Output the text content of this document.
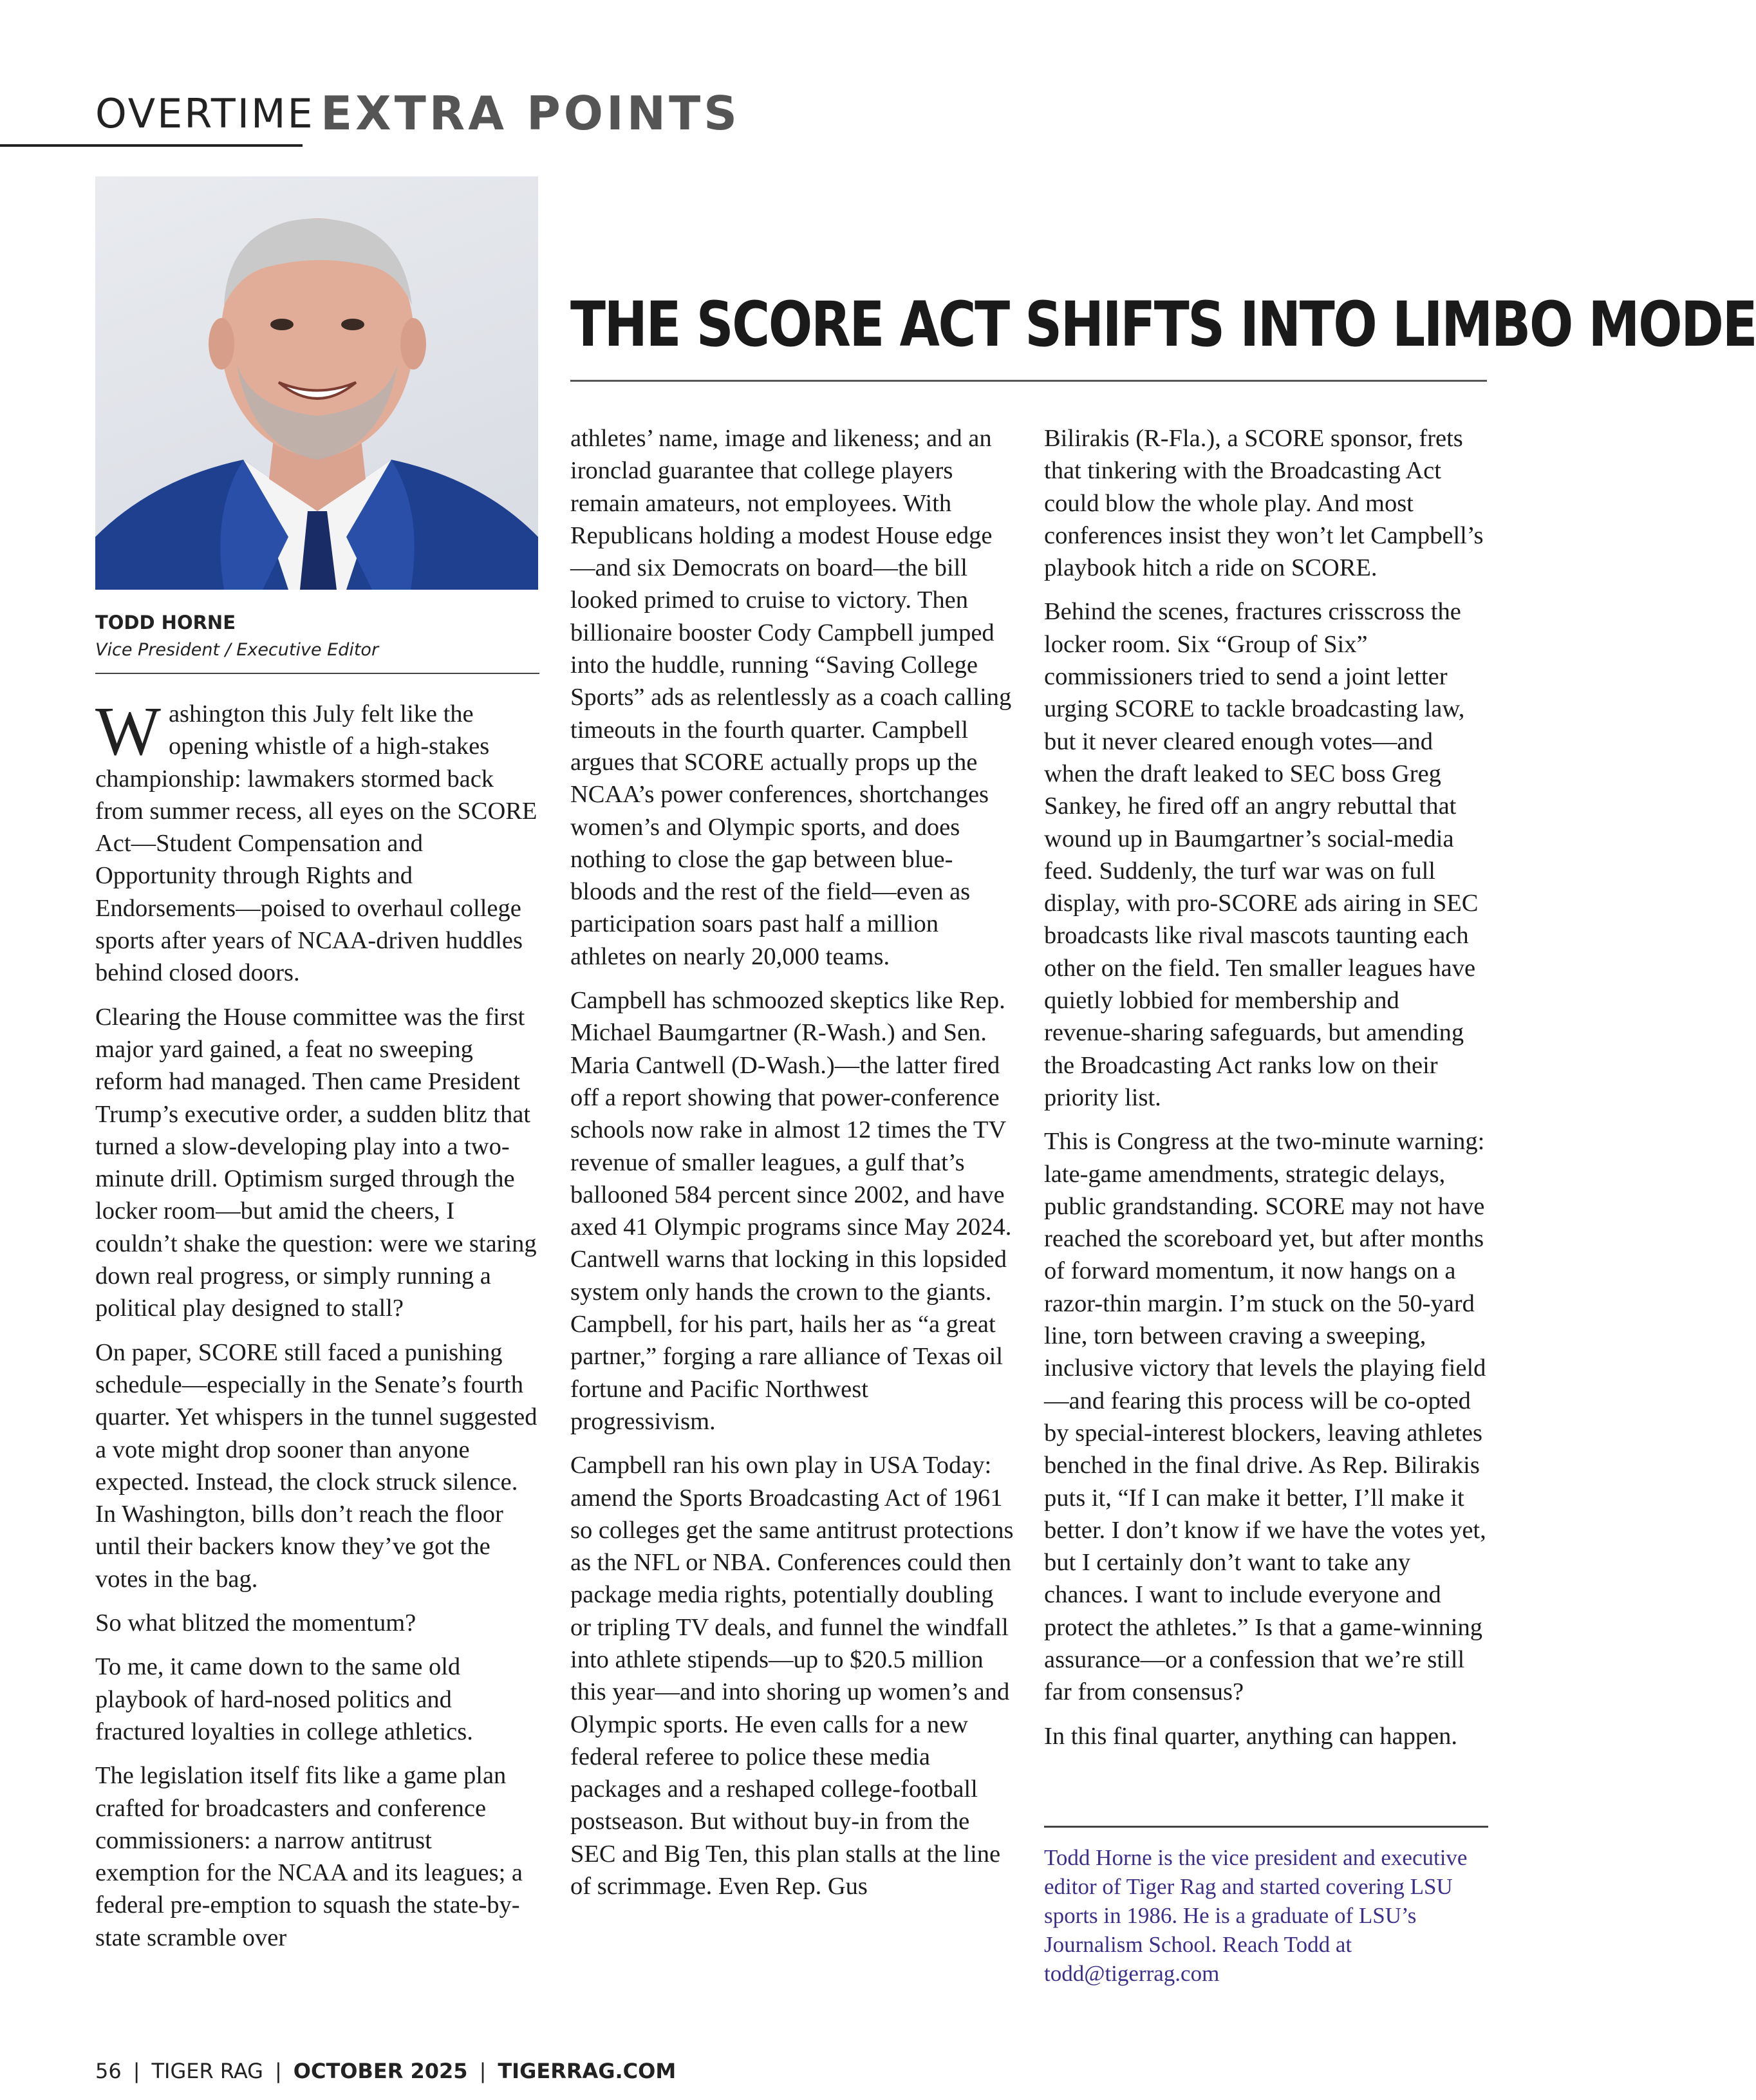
OVERTIME EXTRA POINTS
TODD HORNE
Vice President / Executive Editor
THE SCORE ACT SHIFTS INTO LIMBO MODE

Washington this July felt like the opening whistle of a high-stakes championship: lawmakers stormed back from summer recess, all eyes on the SCORE Act—Student Compensation and Opportunity through Rights and Endorsements—poised to overhaul college sports after years of NCAA-driven huddles behind closed doors.

Clearing the House committee was the first major yard gained, a feat no sweeping reform had managed. Then came President Trump’s executive order, a sudden blitz that turned a slow-developing play into a two-minute drill. Optimism surged through the locker room—but amid the cheers, I couldn’t shake the question: were we staring down real progress, or simply running a political play designed to stall?

On paper, SCORE still faced a punishing schedule—especially in the Senate’s fourth quarter. Yet whispers in the tunnel suggested a vote might drop sooner than anyone expected. Instead, the clock struck silence. In Washington, bills don’t reach the floor until their backers know they’ve got the votes in the bag.

So what blitzed the momentum?

To me, it came down to the same old playbook of hard-nosed politics and fractured loyalties in college athletics.

The legislation itself fits like a game plan crafted for broadcasters and conference commissioners: a narrow antitrust exemption for the NCAA and its leagues; a federal pre-emption to squash the state-by-state scramble over

athletes’ name, image and likeness; and an ironclad guarantee that college players remain amateurs, not employees. With Republicans holding a modest House edge—and six Democrats on board—the bill looked primed to cruise to victory. Then billionaire booster Cody Campbell jumped into the huddle, running “Saving College Sports” ads as relentlessly as a coach calling timeouts in the fourth quarter. Campbell argues that SCORE actually props up the NCAA’s power conferences, shortchanges women’s and Olympic sports, and does nothing to close the gap between blue-bloods and the rest of the field—even as participation soars past half a million athletes on nearly 20,000 teams.

Campbell has schmoozed skeptics like Rep. Michael Baumgartner (R-Wash.) and Sen. Maria Cantwell (D-Wash.)—the latter fired off a report showing that power-conference schools now rake in almost 12 times the TV revenue of smaller leagues, a gulf that’s ballooned 584 percent since 2002, and have axed 41 Olympic programs since May 2024. Cantwell warns that locking in this lopsided system only hands the crown to the giants. Campbell, for his part, hails her as “a great partner,” forging a rare alliance of Texas oil fortune and Pacific Northwest progressivism.

Campbell ran his own play in USA Today: amend the Sports Broadcasting Act of 1961 so colleges get the same antitrust protections as the NFL or NBA. Conferences could then package media rights, potentially doubling or tripling TV deals, and funnel the windfall into athlete stipends—up to $20.5 million this year—and into shoring up women’s and Olympic sports. He even calls for a new federal referee to police these media packages and a reshaped college-football postseason. But without buy-in from the SEC and Big Ten, this plan stalls at the line of scrimmage. Even Rep. Gus

Bilirakis (R-Fla.), a SCORE sponsor, frets that tinkering with the Broadcasting Act could blow the whole play. And most conferences insist they won’t let Campbell’s playbook hitch a ride on SCORE.

Behind the scenes, fractures crisscross the locker room. Six “Group of Six” commissioners tried to send a joint letter urging SCORE to tackle broadcasting law, but it never cleared enough votes—and when the draft leaked to SEC boss Greg Sankey, he fired off an angry rebuttal that wound up in Baumgartner’s social-media feed. Suddenly, the turf war was on full display, with pro-SCORE ads airing in SEC broadcasts like rival mascots taunting each other on the field. Ten smaller leagues have quietly lobbied for membership and revenue-sharing safeguards, but amending the Broadcasting Act ranks low on their priority list.

This is Congress at the two-minute warning: late-game amendments, strategic delays, public grandstanding. SCORE may not have reached the scoreboard yet, but after months of forward momentum, it now hangs on a razor-thin margin. I’m stuck on the 50-yard line, torn between craving a sweeping, inclusive victory that levels the playing field—and fearing this process will be co-opted by special-interest blockers, leaving athletes benched in the final drive. As Rep. Bilirakis puts it, “If I can make it better, I’ll make it better. I don’t know if we have the votes yet, but I certainly don’t want to take any chances. I want to include everyone and protect the athletes.” Is that a game-winning assurance—or a confession that we’re still far from consensus?

In this final quarter, anything can happen.

Todd Horne is the vice president and executive editor of Tiger Rag and started covering LSU sports in 1986. He is a graduate of LSU’s Journalism School. Reach Todd at todd@tigerrag.com
56 | TIGER RAG | OCTOBER 2025 | TIGERRAG.COM
